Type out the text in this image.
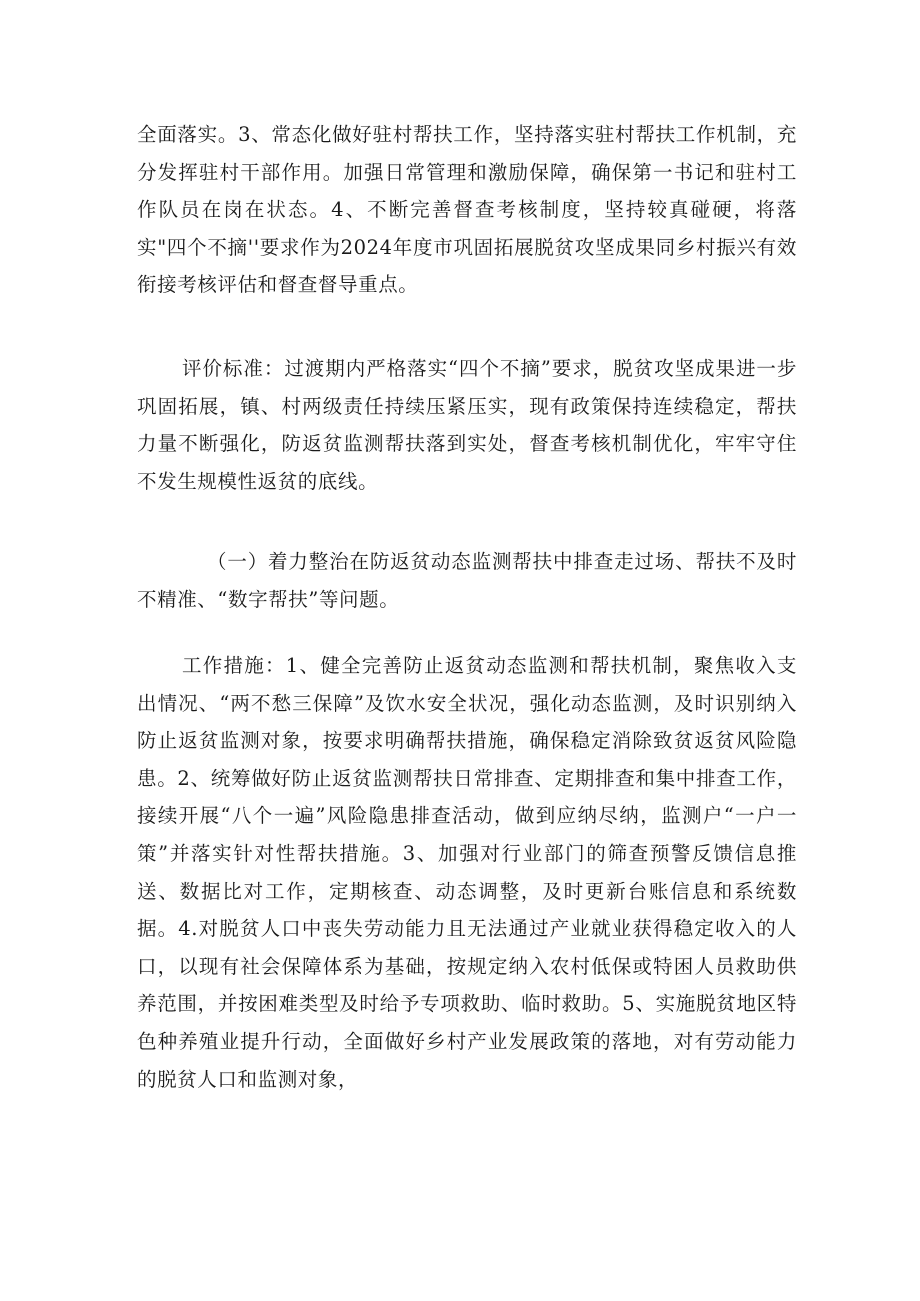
全面落实。3、常态化做好驻村帮扶工作，坚持落实驻村帮扶工作机制，充分发挥驻村干部作用。加强日常管理和激励保障，确保第一书记和驻村工作队员在岗在状态。4、不断完善督查考核制度，坚持较真碰硬，将落实"四个不摘''要求作为2024年度市巩固拓展脱贫攻坚成果同乡村振兴有效衔接考核评估和督查督导重点。

评价标准：过渡期内严格落实“四个不摘”要求，脱贫攻坚成果进一步巩固拓展，镇、村两级责任持续压紧压实，现有政策保持连续稳定，帮扶力量不断强化，防返贫监测帮扶落到实处，督查考核机制优化，牢牢守住不发生规模性返贫的底线。

（一）着力整治在防返贫动态监测帮扶中排查走过场、帮扶不及时不精准、“数字帮扶”等问题。

工作措施：1、健全完善防止返贫动态监测和帮扶机制，聚焦收入支出情况、“两不愁三保障”及饮水安全状况，强化动态监测，及时识别纳入防止返贫监测对象，按要求明确帮扶措施，确保稳定消除致贫返贫风险隐患。2、统筹做好防止返贫监测帮扶日常排查、定期排查和集中排查工作，接续开展“八个一遍”风险隐患排查活动，做到应纳尽纳，监测户“一户一策”并落实针对性帮扶措施。3、加强对行业部门的筛查预警反馈信息推送、数据比对工作，定期核查、动态调整，及时更新台账信息和系统数据。4.对脱贫人口中丧失劳动能力且无法通过产业就业获得稳定收入的人口，以现有社会保障体系为基础，按规定纳入农村低保或特困人员救助供养范围，并按困难类型及时给予专项救助、临时救助。5、实施脱贫地区特色种养殖业提升行动，全面做好乡村产业发展政策的落地，对有劳动能力的脱贫人口和监测对象，
